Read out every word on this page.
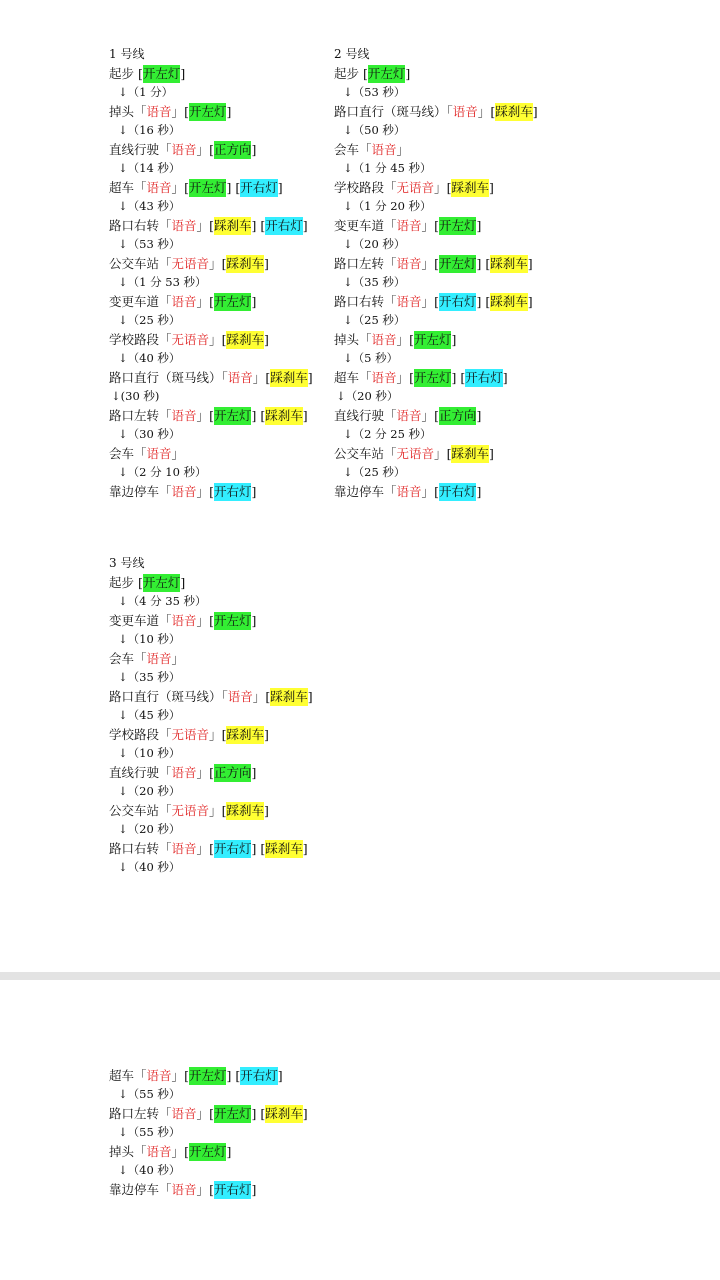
1 号线
起步 [开左灯]
↓（1 分）
掉头「语音」[开左灯]
↓（16 秒）
直线行驶「语音」[正方向]
↓（14 秒）
超车「语音」[开左灯] [开右灯]
↓（43 秒）
路口右转「语音」[踩刹车] [开右灯]
↓（53 秒）
公交车站「无语音」[踩刹车]
↓（1 分 53 秒）
变更车道「语音」[开左灯]
↓（25 秒）
学校路段「无语音」[踩刹车]
↓（40 秒）
路口直行（斑马线）「语音」[踩刹车]
↓(30 秒)
路口左转「语音」[开左灯] [踩刹车]
↓（30 秒）
会车「语音」
↓（2 分 10 秒）
靠边停车「语音」[开右灯]
2 号线
起步 [开左灯]
↓（53 秒）
路口直行（斑马线）「语音」[踩刹车]
↓（50 秒）
会车「语音」
↓（1 分 45 秒）
学校路段「无语音」[踩刹车]
↓（1 分 20 秒）
变更车道「语音」[开左灯]
↓（20 秒）
路口左转「语音」[开左灯] [踩刹车]
↓（35 秒）
路口右转「语音」[开右灯] [踩刹车]
↓（25 秒）
掉头「语音」[开左灯]
↓（5 秒）
超车「语音」[开左灯] [开右灯]
↓（20 秒）
直线行驶「语音」[正方向]
↓（2 分 25 秒）
公交车站「无语音」[踩刹车]
↓（25 秒）
靠边停车「语音」[开右灯]
3 号线
起步 [开左灯]
↓（4 分 35 秒）
变更车道「语音」[开左灯]
↓（10 秒）
会车「语音」
↓（35 秒）
路口直行（斑马线）「语音」[踩刹车]
↓（45 秒）
学校路段「无语音」[踩刹车]
↓（10 秒）
直线行驶「语音」[正方向]
↓（20 秒）
公交车站「无语音」[踩刹车]
↓（20 秒）
路口右转「语音」[开右灯] [踩刹车]
↓（40 秒）
超车「语音」[开左灯] [开右灯]
↓（55 秒）
路口左转「语音」[开左灯] [踩刹车]
↓（55 秒）
掉头「语音」[开左灯]
↓（40 秒）
靠边停车「语音」[开右灯]
